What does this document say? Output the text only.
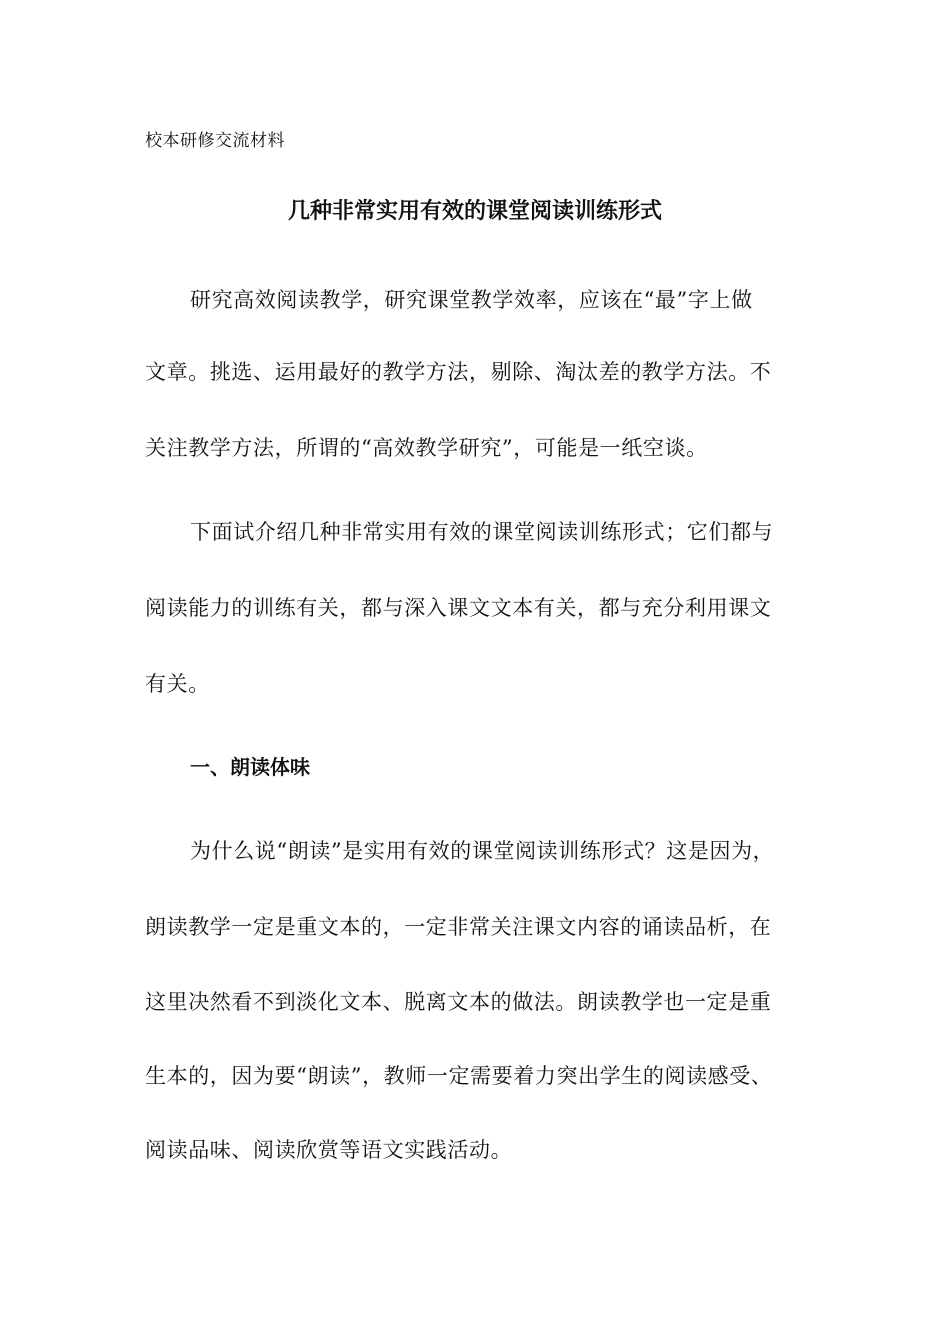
校本研修交流材料
几种非常实用有效的课堂阅读训练形式
研究高效阅读教学，研究课堂教学效率，应该在“最”字上做
文章。挑选、运用最好的教学方法，剔除、淘汰差的教学方法。不
关注教学方法，所谓的“高效教学研究”，可能是一纸空谈。
下面试介绍几种非常实用有效的课堂阅读训练形式；它们都与
阅读能力的训练有关，都与深入课文文本有关，都与充分利用课文
有关。
一、朗读体味
为什么说“朗读”是实用有效的课堂阅读训练形式？这是因为，
朗读教学一定是重文本的，一定非常关注课文内容的诵读品析，在
这里决然看不到淡化文本、脱离文本的做法。朗读教学也一定是重
生本的，因为要“朗读”，教师一定需要着力突出学生的阅读感受、
阅读品味、阅读欣赏等语文实践活动。
